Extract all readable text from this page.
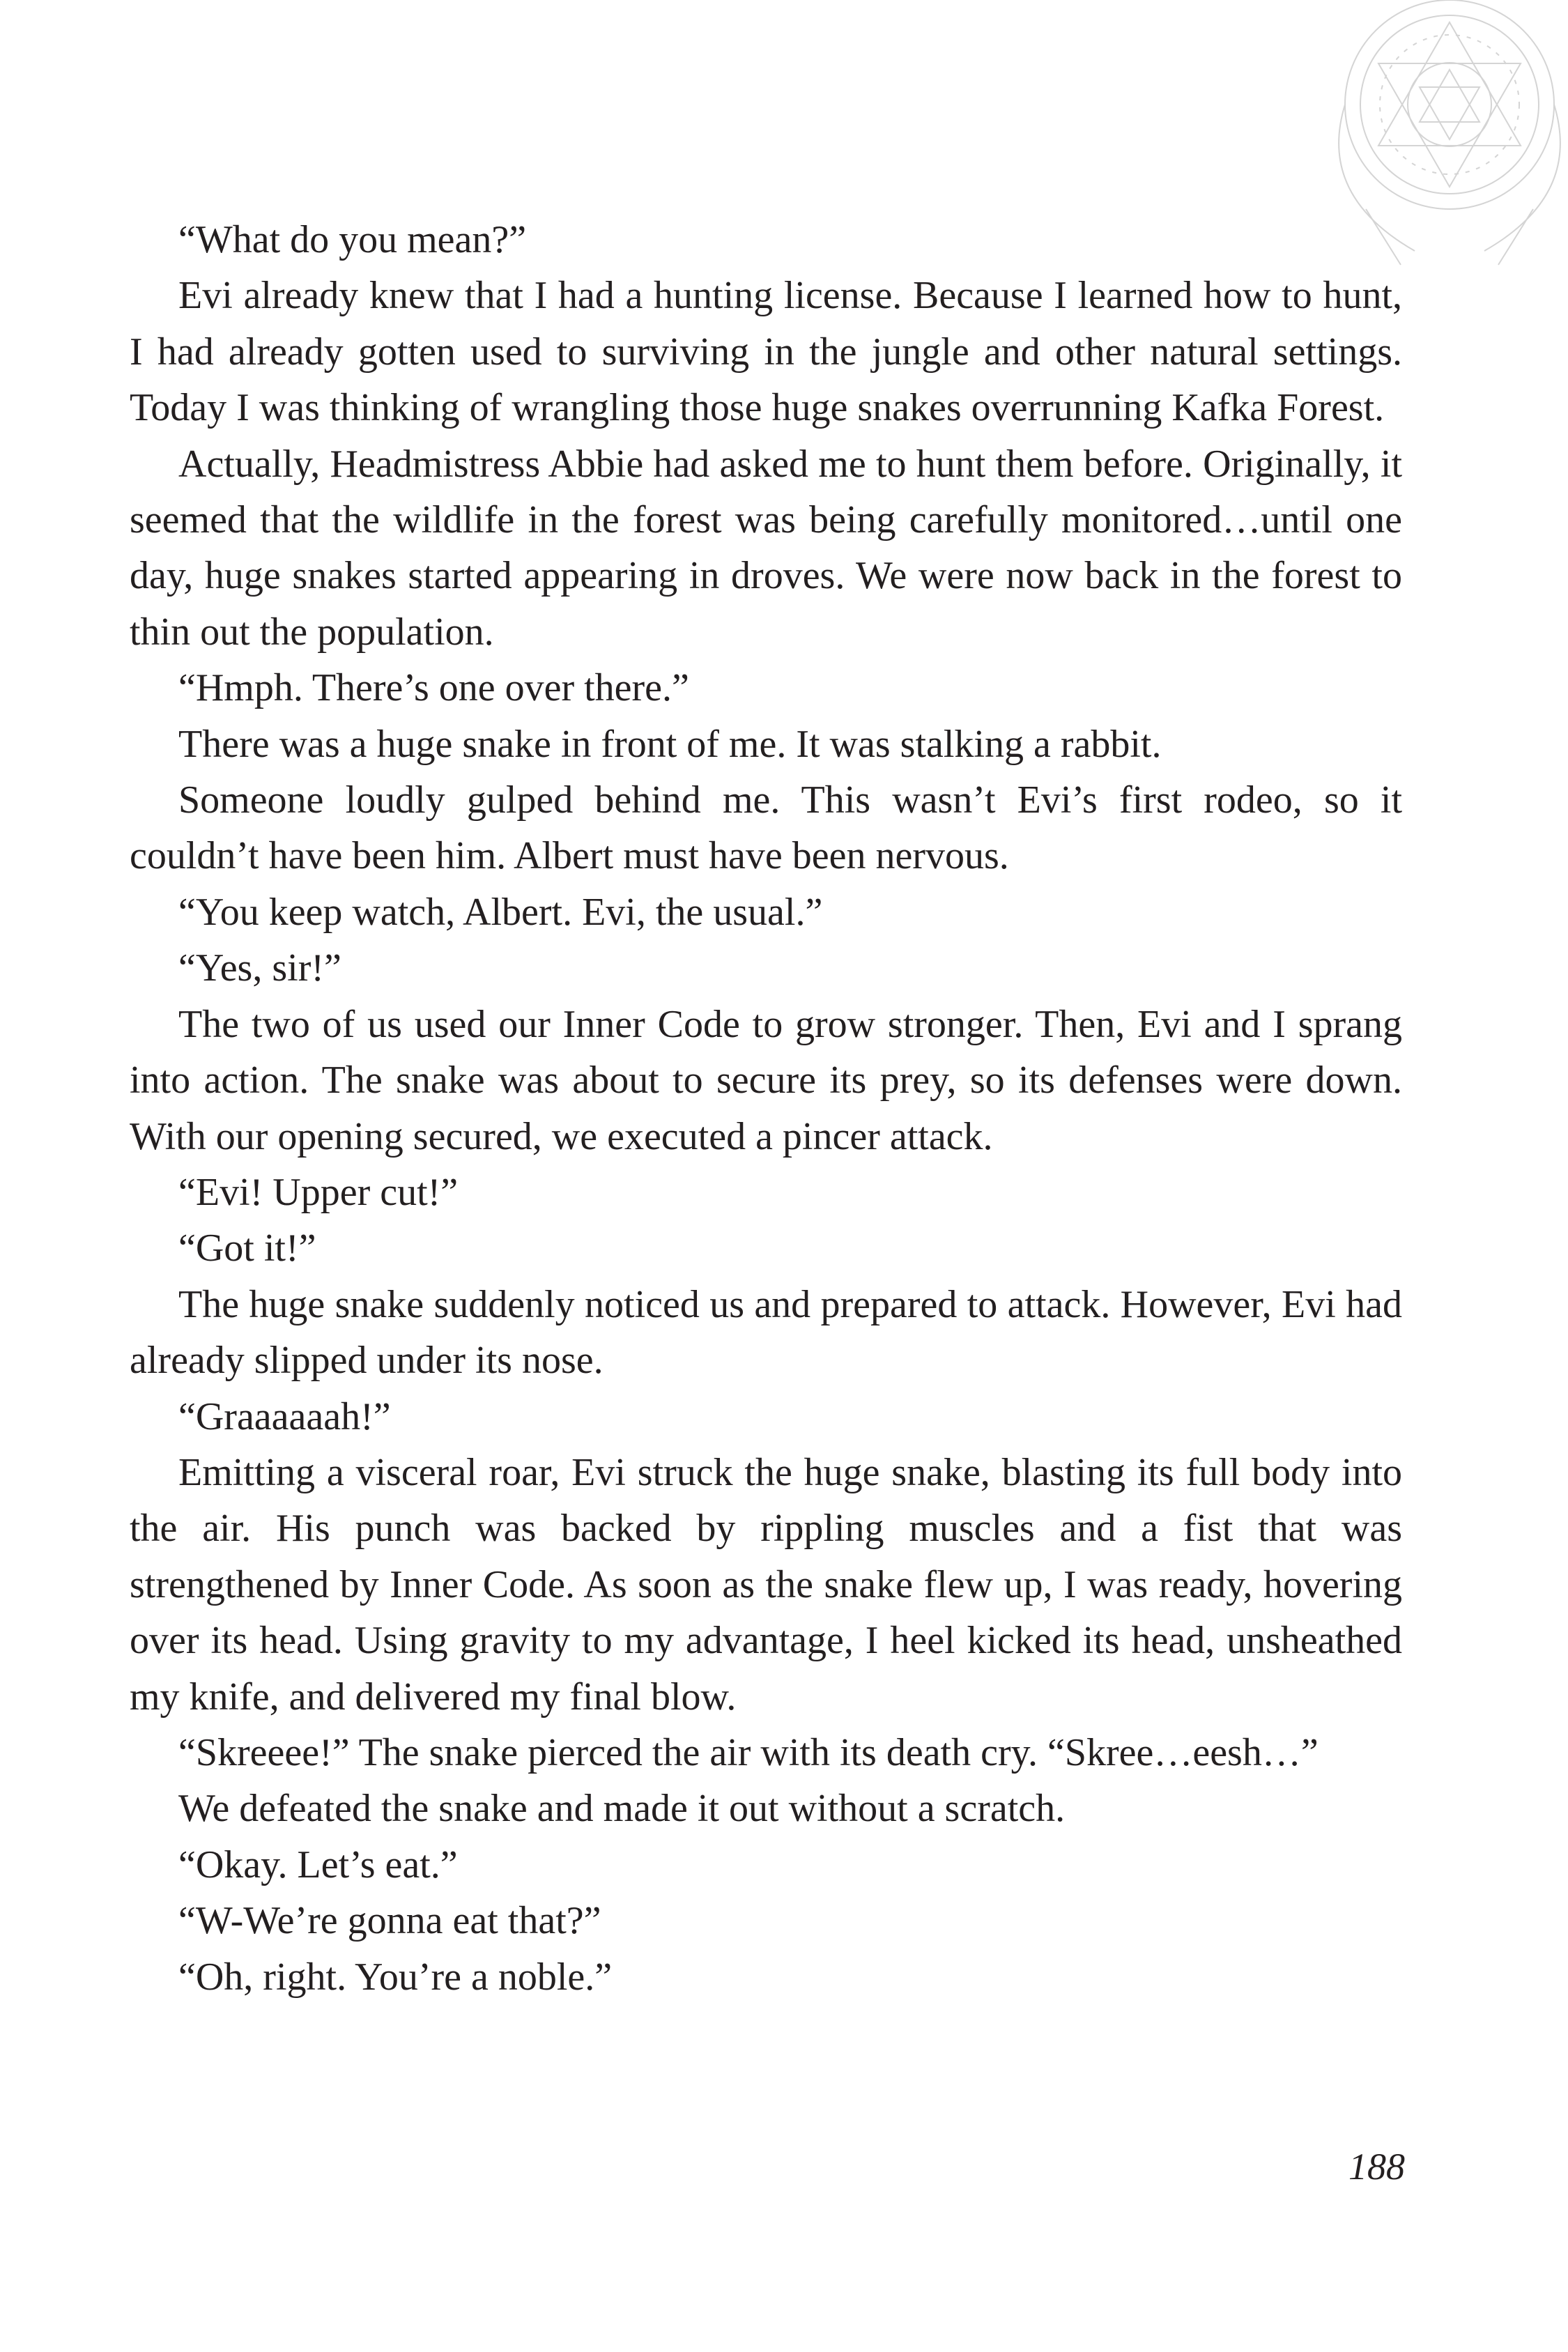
“What do you mean?”

Evi already knew that I had a hunting license. Because I learned how to hunt, I had already gotten used to surviving in the jungle and other natural settings. Today I was thinking of wrangling those huge snakes overrunning Kafka Forest.

Actually, Headmistress Abbie had asked me to hunt them before. Originally, it seemed that the wildlife in the forest was being carefully monitored…until one day, huge snakes started appearing in droves. We were now back in the forest to thin out the population.

“Hmph. There’s one over there.”

There was a huge snake in front of me. It was stalking a rabbit.

Someone loudly gulped behind me. This wasn’t Evi’s first rodeo, so it couldn’t have been him. Albert must have been nervous.

“You keep watch, Albert. Evi, the usual.”

“Yes, sir!”

The two of us used our Inner Code to grow stronger. Then, Evi and I sprang into action. The snake was about to secure its prey, so its defenses were down. With our opening secured, we executed a pincer attack.

“Evi! Upper cut!”

“Got it!”

The huge snake suddenly noticed us and prepared to attack. However, Evi had already slipped under its nose.

“Graaaaaah!”

Emitting a visceral roar, Evi struck the huge snake, blasting its full body into the air. His punch was backed by rippling muscles and a fist that was strengthened by Inner Code. As soon as the snake flew up, I was ready, hovering over its head. Using gravity to my advantage, I heel kicked its head, unsheathed my knife, and delivered my final blow.

“Skreeee!” The snake pierced the air with its death cry. “Skree…eesh…”

We defeated the snake and made it out without a scratch.

“Okay. Let’s eat.”

“W-We’re gonna eat that?”

“Oh, right. You’re a noble.”

188
